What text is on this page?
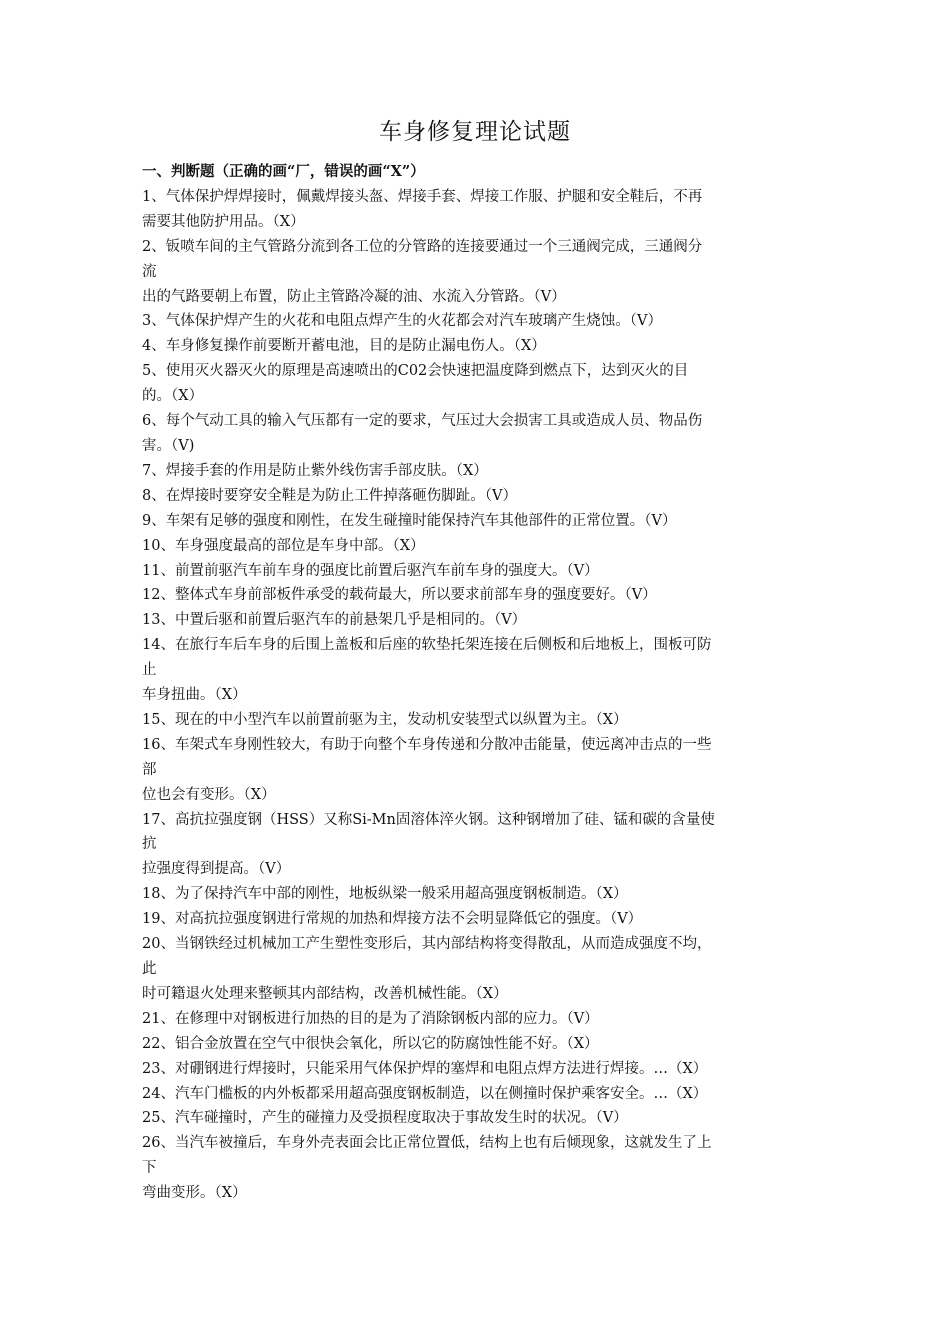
车身修复理论试题
一、判断题（正确的画“厂，错误的画“X”）
1、气体保护焊焊接时，佩戴焊接头盔、焊接手套、焊接工作服、护腿和安全鞋后，不再
需要其他防护用品。（X）
2、钣喷车间的主气管路分流到各工位的分管路的连接要通过一个三通阀完成，三通阀分
流
出的气路要朝上布置，防止主管路冷凝的油、水流入分管路。（V）
3、气体保护焊产生的火花和电阻点焊产生的火花都会对汽车玻璃产生烧蚀。（V）
4、车身修复操作前要断开蓄电池，目的是防止漏电伤人。（X）
5、使用灭火器灭火的原理是高速喷出的C02会快速把温度降到燃点下，达到灭火的目
的。（X）
6、每个气动工具的输入气压都有一定的要求，气压过大会损害工具或造成人员、物品伤
害。（V)
7、焊接手套的作用是防止紫外线伤害手部皮肤。（X）
8、在焊接时要穿安全鞋是为防止工件掉落砸伤脚趾。（V）
9、车架有足够的强度和刚性，在发生碰撞时能保持汽车其他部件的正常位置。（V）
10、车身强度最高的部位是车身中部。（X）
11、前置前驱汽车前车身的强度比前置后驱汽车前车身的强度大。（V）
12、整体式车身前部板件承受的载荷最大，所以要求前部车身的强度要好。（V）
13、中置后驱和前置后驱汽车的前悬架几乎是相同的。（V）
14、在旅行车后车身的后围上盖板和后座的软垫托架连接在后侧板和后地板上，围板可防
止
车身扭曲。（X）
15、现在的中小型汽车以前置前驱为主，发动机安装型式以纵置为主。（X）
16、车架式车身刚性较大，有助于向整个车身传递和分散冲击能量，使远离冲击点的一些
部
位也会有变形。（X）
17、高抗拉强度钢（HSS）又称Si-Mn固溶体淬火钢。这种钢增加了硅、锰和碳的含量使
抗
拉强度得到提高。（V）
18、为了保持汽车中部的刚性，地板纵梁一般采用超高强度钢板制造。（X）
19、对高抗拉强度钢进行常规的加热和焊接方法不会明显降低它的强度。（V）
20、当钢铁经过机械加工产生塑性变形后，其内部结构将变得散乱，从而造成强度不均，
此
时可籍退火处理来整顿其内部结构，改善机械性能。（X）
21、在修理中对钢板进行加热的目的是为了消除钢板内部的应力。（V）
22、铝合金放置在空气中很快会氧化，所以它的防腐蚀性能不好。（X）
23、对硼钢进行焊接时，只能采用气体保护焊的塞焊和电阻点焊方法进行焊接。…（X）
24、汽车门槛板的内外板都采用超高强度钢板制造，以在侧撞时保护乘客安全。…（X）
25、汽车碰撞时，产生的碰撞力及受损程度取决于事故发生时的状况。（V）
26、当汽车被撞后，车身外壳表面会比正常位置低，结构上也有后倾现象，这就发生了上
下
弯曲变形。（X）
